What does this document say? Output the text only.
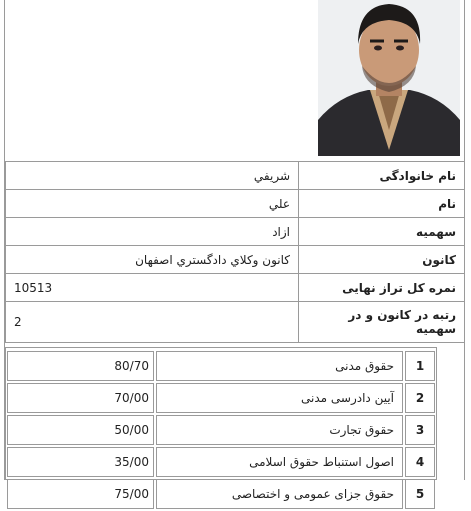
شريفي	نام خانوادگی
علي	نام
ازاد	سهمیه
كانون وكلاي دادگستري اصفهان	کانون
10513	نمره کل تراز نهایی
2	رتبه در کانون و در سهمیه
80/70	حقوق مدنی	1
70/00	آیین دادرسی مدنی	2
50/00	حقوق تجارت	3
35/00	اصول استنباط حقوق اسلامی	4
75/00	حقوق جزای عمومی و اختصاصی	5
